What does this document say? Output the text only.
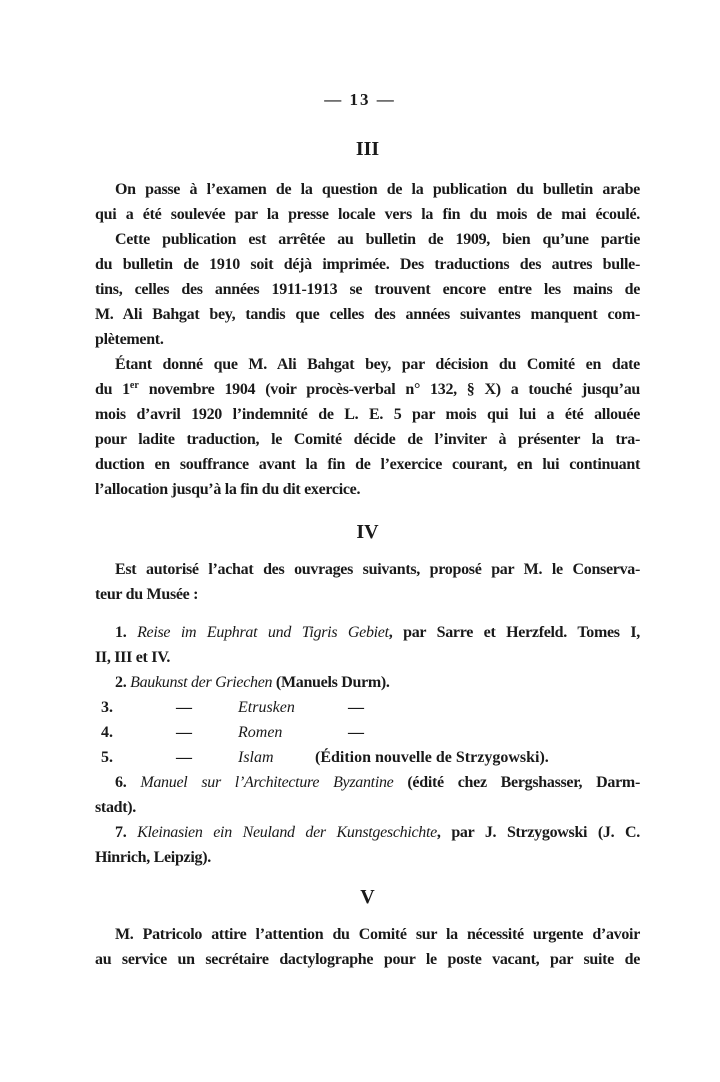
— 13 —
III
On passe à l’examen de la question de la publication du bulletin arabe
qui a été soulevée par la presse locale vers la fin du mois de mai écoulé.
Cette publication est arrêtée au bulletin de 1909, bien qu’une partie
du bulletin de 1910 soit déjà imprimée. Des traductions des autres bulle-
tins, celles des années 1911-1913 se trouvent encore entre les mains de
M. Ali Bahgat bey, tandis que celles des années suivantes manquent com-
plètement.
Étant donné que M. Ali Bahgat bey, par décision du Comité en date
du 1er novembre 1904 (voir procès-verbal n° 132, § X) a touché jusqu’au
mois d’avril 1920 l’indemnité de L. E. 5 par mois qui lui a été allouée
pour ladite traduction, le Comité décide de l’inviter à présenter la tra-
duction en souffrance avant la fin de l’exercice courant, en lui continuant
l’allocation jusqu’à la fin du dit exercice.
IV
Est autorisé l’achat des ouvrages suivants, proposé par M. le Conserva-
teur du Musée :
1. Reise im Euphrat und Tigris Gebiet, par Sarre et Herzfeld. Tomes I,
II, III et IV.
2. Baukunst der Griechen (Manuels Durm).
3.	—	Etrusken	—
4.	—	Romen	—
5.	—	Islam	(Édition nouvelle de Strzygowski).
6. Manuel sur l’Architecture Byzantine (édité chez Bergshasser, Darm-
stadt).
7. Kleinasien ein Neuland der Kunstgeschichte, par J. Strzygowski (J. C.
Hinrich, Leipzig).
V
M. Patricolo attire l’attention du Comité sur la nécessité urgente d’avoir
au service un secrétaire dactylographe pour le poste vacant, par suite de
